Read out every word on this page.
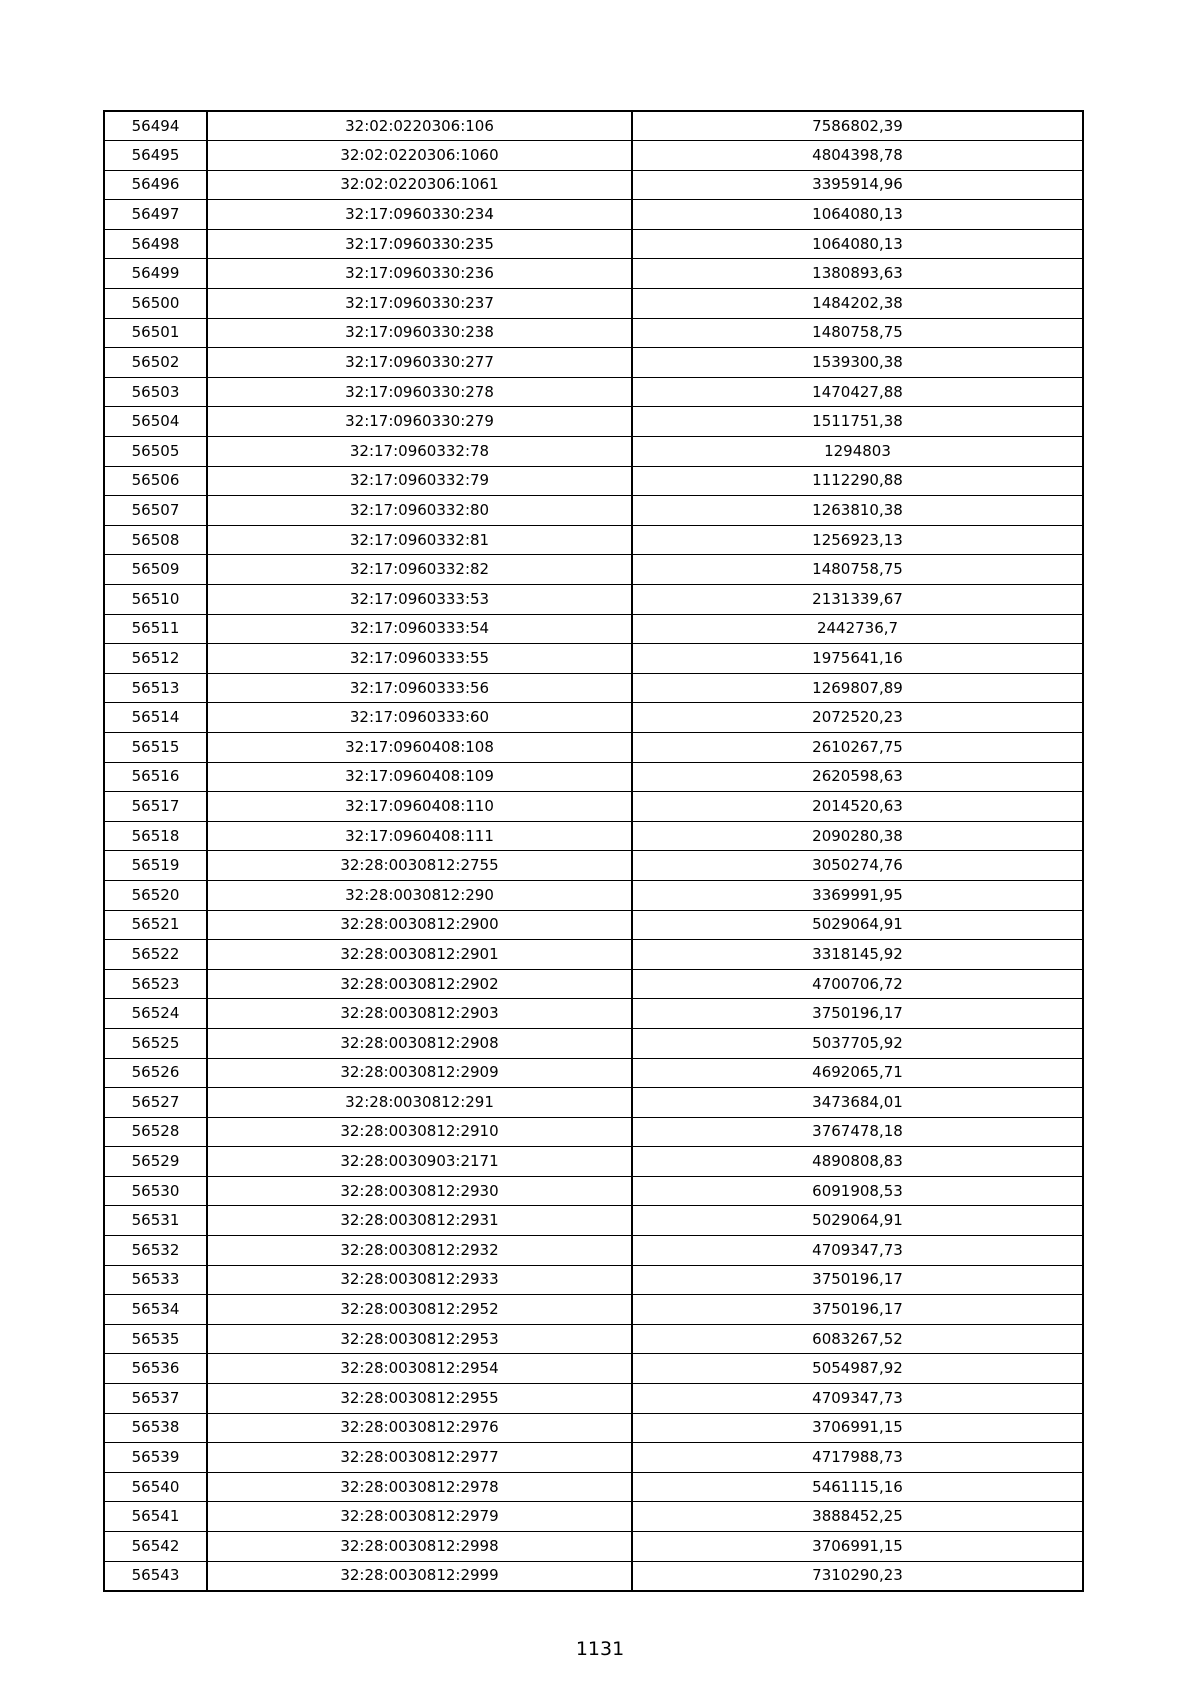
56494	32:02:0220306:106	7586802,39
56495	32:02:0220306:1060	4804398,78
56496	32:02:0220306:1061	3395914,96
56497	32:17:0960330:234	1064080,13
56498	32:17:0960330:235	1064080,13
56499	32:17:0960330:236	1380893,63
56500	32:17:0960330:237	1484202,38
56501	32:17:0960330:238	1480758,75
56502	32:17:0960330:277	1539300,38
56503	32:17:0960330:278	1470427,88
56504	32:17:0960330:279	1511751,38
56505	32:17:0960332:78	1294803
56506	32:17:0960332:79	1112290,88
56507	32:17:0960332:80	1263810,38
56508	32:17:0960332:81	1256923,13
56509	32:17:0960332:82	1480758,75
56510	32:17:0960333:53	2131339,67
56511	32:17:0960333:54	2442736,7
56512	32:17:0960333:55	1975641,16
56513	32:17:0960333:56	1269807,89
56514	32:17:0960333:60	2072520,23
56515	32:17:0960408:108	2610267,75
56516	32:17:0960408:109	2620598,63
56517	32:17:0960408:110	2014520,63
56518	32:17:0960408:111	2090280,38
56519	32:28:0030812:2755	3050274,76
56520	32:28:0030812:290	3369991,95
56521	32:28:0030812:2900	5029064,91
56522	32:28:0030812:2901	3318145,92
56523	32:28:0030812:2902	4700706,72
56524	32:28:0030812:2903	3750196,17
56525	32:28:0030812:2908	5037705,92
56526	32:28:0030812:2909	4692065,71
56527	32:28:0030812:291	3473684,01
56528	32:28:0030812:2910	3767478,18
56529	32:28:0030903:2171	4890808,83
56530	32:28:0030812:2930	6091908,53
56531	32:28:0030812:2931	5029064,91
56532	32:28:0030812:2932	4709347,73
56533	32:28:0030812:2933	3750196,17
56534	32:28:0030812:2952	3750196,17
56535	32:28:0030812:2953	6083267,52
56536	32:28:0030812:2954	5054987,92
56537	32:28:0030812:2955	4709347,73
56538	32:28:0030812:2976	3706991,15
56539	32:28:0030812:2977	4717988,73
56540	32:28:0030812:2978	5461115,16
56541	32:28:0030812:2979	3888452,25
56542	32:28:0030812:2998	3706991,15
56543	32:28:0030812:2999	7310290,23
1131
